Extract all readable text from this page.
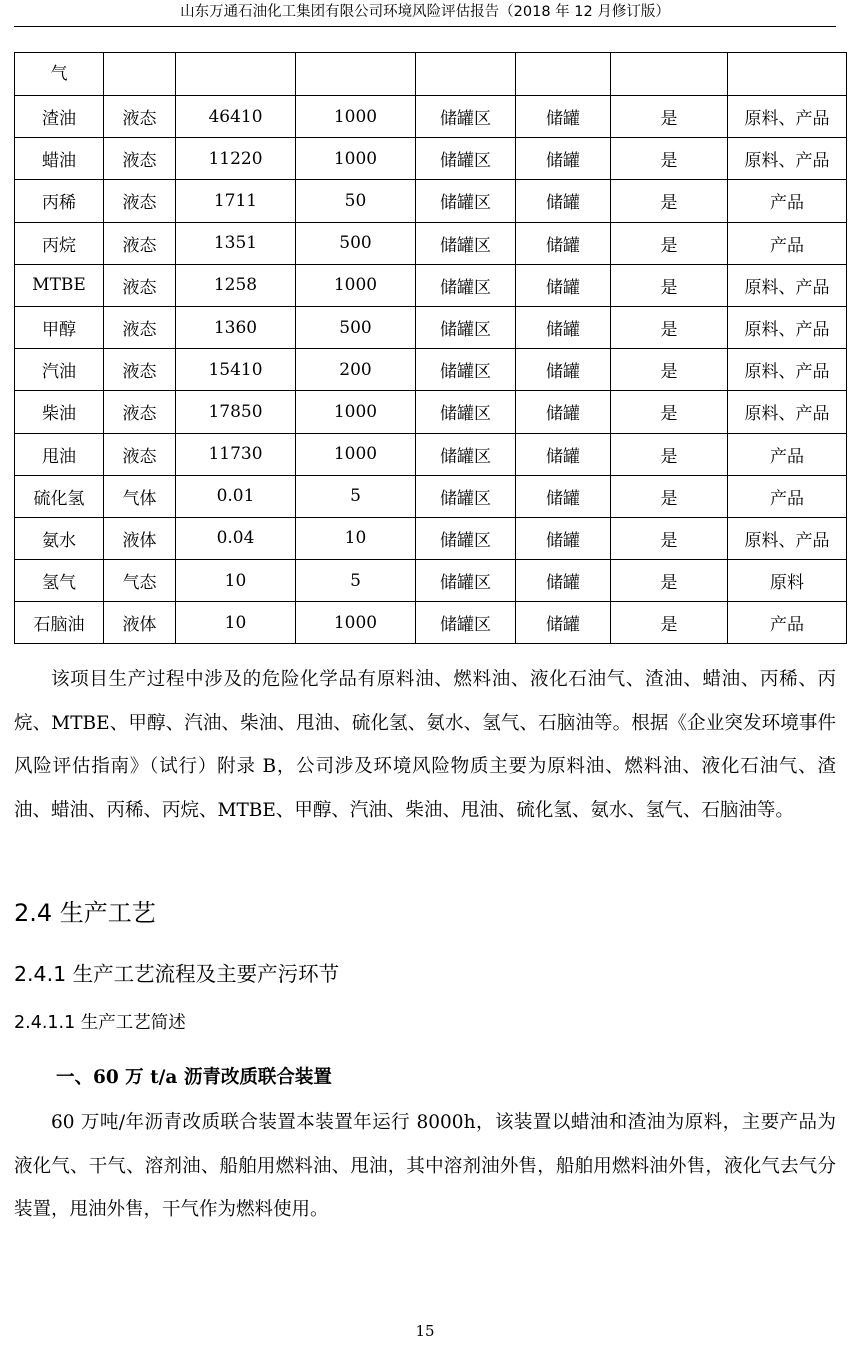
山东万通石油化工集团有限公司环境风险评估报告（2018 年 12 月修订版）
气							

渣油	液态	46410	1000	储罐区	储罐	是	原料、产品
蜡油	液态	11220	1000	储罐区	储罐	是	原料、产品
丙稀	液态	1711	50	储罐区	储罐	是	产品
丙烷	液态	1351	500	储罐区	储罐	是	产品
MTBE	液态	1258	1000	储罐区	储罐	是	原料、产品
甲醇	液态	1360	500	储罐区	储罐	是	原料、产品
汽油	液态	15410	200	储罐区	储罐	是	原料、产品
柴油	液态	17850	1000	储罐区	储罐	是	原料、产品
甩油	液态	11730	1000	储罐区	储罐	是	产品
硫化氢	气体	0.01	5	储罐区	储罐	是	产品
氨水	液体	0.04	10	储罐区	储罐	是	原料、产品
氢气	气态	10	5	储罐区	储罐	是	原料
石脑油	液体	10	1000	储罐区	储罐	是	产品

该项目生产过程中涉及的危险化学品有原料油、燃料油、液化石油气、渣油、蜡油、丙稀、丙烷、MTBE、甲醇、汽油、柴油、甩油、硫化氢、氨水、氢气、石脑油等。根据《企业突发环境事件风险评估指南》（试行）附录 B，公司涉及环境风险物质主要为原料油、燃料油、液化石油气、渣油、蜡油、丙稀、丙烷、MTBE、甲醇、汽油、柴油、甩油、硫化氢、氨水、氢气、石脑油等。

2.4 生产工艺
2.4.1 生产工艺流程及主要产污环节
2.4.1.1 生产工艺简述
一、60 万 t/a 沥青改质联合装置

60 万吨/年沥青改质联合装置本装置年运行 8000h，该装置以蜡油和渣油为原料，主要产品为液化气、干气、溶剂油、船舶用燃料油、甩油，其中溶剂油外售，船舶用燃料油外售，液化气去气分装置，甩油外售，干气作为燃料使用。

15
